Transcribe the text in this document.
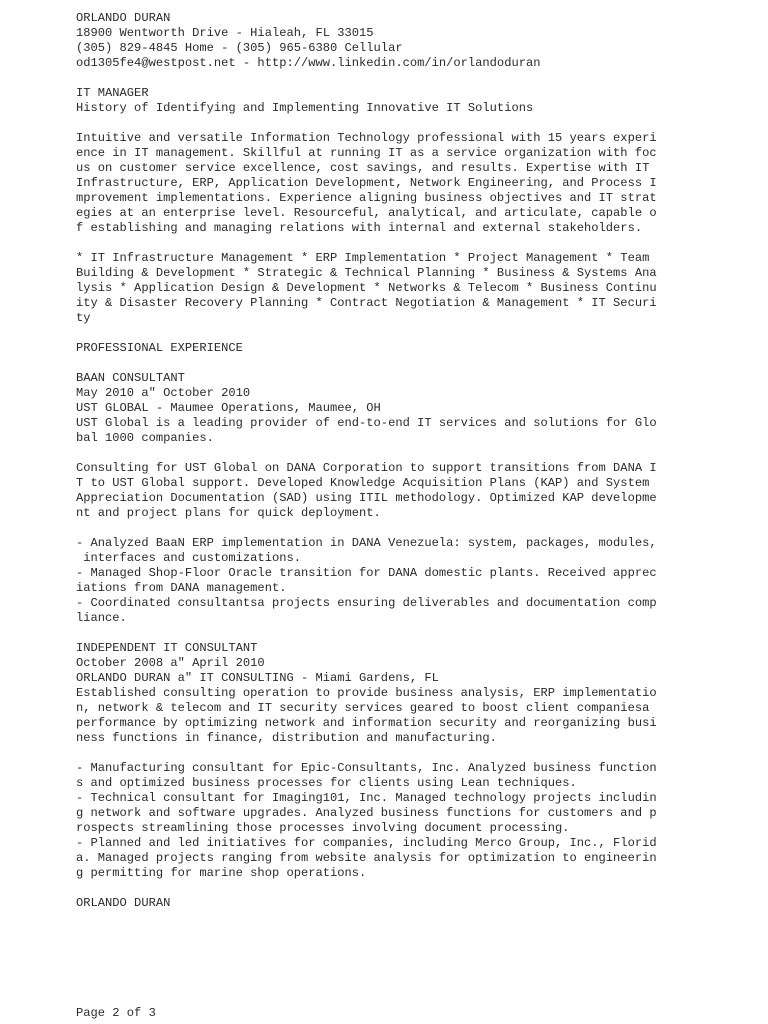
ORLANDO DURAN
18900 Wentworth Drive - Hialeah, FL 33015
(305) 829-4845 Home - (305) 965-6380 Cellular
od1305fe4@westpost.net - http://www.linkedin.com/in/orlandoduran
IT MANAGER
History of Identifying and Implementing Innovative IT Solutions
Intuitive and versatile Information Technology professional with 15 years experi
ence in IT management. Skillful at running IT as a service organization with foc
us on customer service excellence, cost savings, and results. Expertise with IT
Infrastructure, ERP, Application Development, Network Engineering, and Process I
mprovement implementations. Experience aligning business objectives and IT strat
egies at an enterprise level. Resourceful, analytical, and articulate, capable o
f establishing and managing relations with internal and external stakeholders.
* IT Infrastructure Management * ERP Implementation * Project Management * Team
Building & Development * Strategic & Technical Planning * Business & Systems Ana
lysis * Application Design & Development * Networks & Telecom * Business Continu
ity & Disaster Recovery Planning * Contract Negotiation & Management * IT Securi
ty
PROFESSIONAL EXPERIENCE
BAAN CONSULTANT
May 2010 a" October 2010
UST GLOBAL - Maumee Operations, Maumee, OH
UST Global is a leading provider of end-to-end IT services and solutions for Glo
bal 1000 companies.
Consulting for UST Global on DANA Corporation to support transitions from DANA I
T to UST Global support. Developed Knowledge Acquisition Plans (KAP) and System
Appreciation Documentation (SAD) using ITIL methodology. Optimized KAP developme
nt and project plans for quick deployment.
- Analyzed BaaN ERP implementation in DANA Venezuela: system, packages, modules,
interfaces and customizations.
- Managed Shop-Floor Oracle transition for DANA domestic plants. Received apprec
iations from DANA management.
- Coordinated consultantsa projects ensuring deliverables and documentation comp
liance.
INDEPENDENT IT CONSULTANT
October 2008 a" April 2010
ORLANDO DURAN a" IT CONSULTING - Miami Gardens, FL
Established consulting operation to provide business analysis, ERP implementatio
n, network & telecom and IT security services geared to boost client companiesa
performance by optimizing network and information security and reorganizing busi
ness functions in finance, distribution and manufacturing.
- Manufacturing consultant for Epic-Consultants, Inc. Analyzed business function
s and optimized business processes for clients using Lean techniques.
- Technical consultant for Imaging101, Inc. Managed technology projects includin
g network and software upgrades. Analyzed business functions for customers and p
rospects streamlining those processes involving document processing.
- Planned and led initiatives for companies, including Merco Group, Inc., Florid
a. Managed projects ranging from website analysis for optimization to engineerin
g permitting for marine shop operations.
ORLANDO DURAN
Page 2 of 3
